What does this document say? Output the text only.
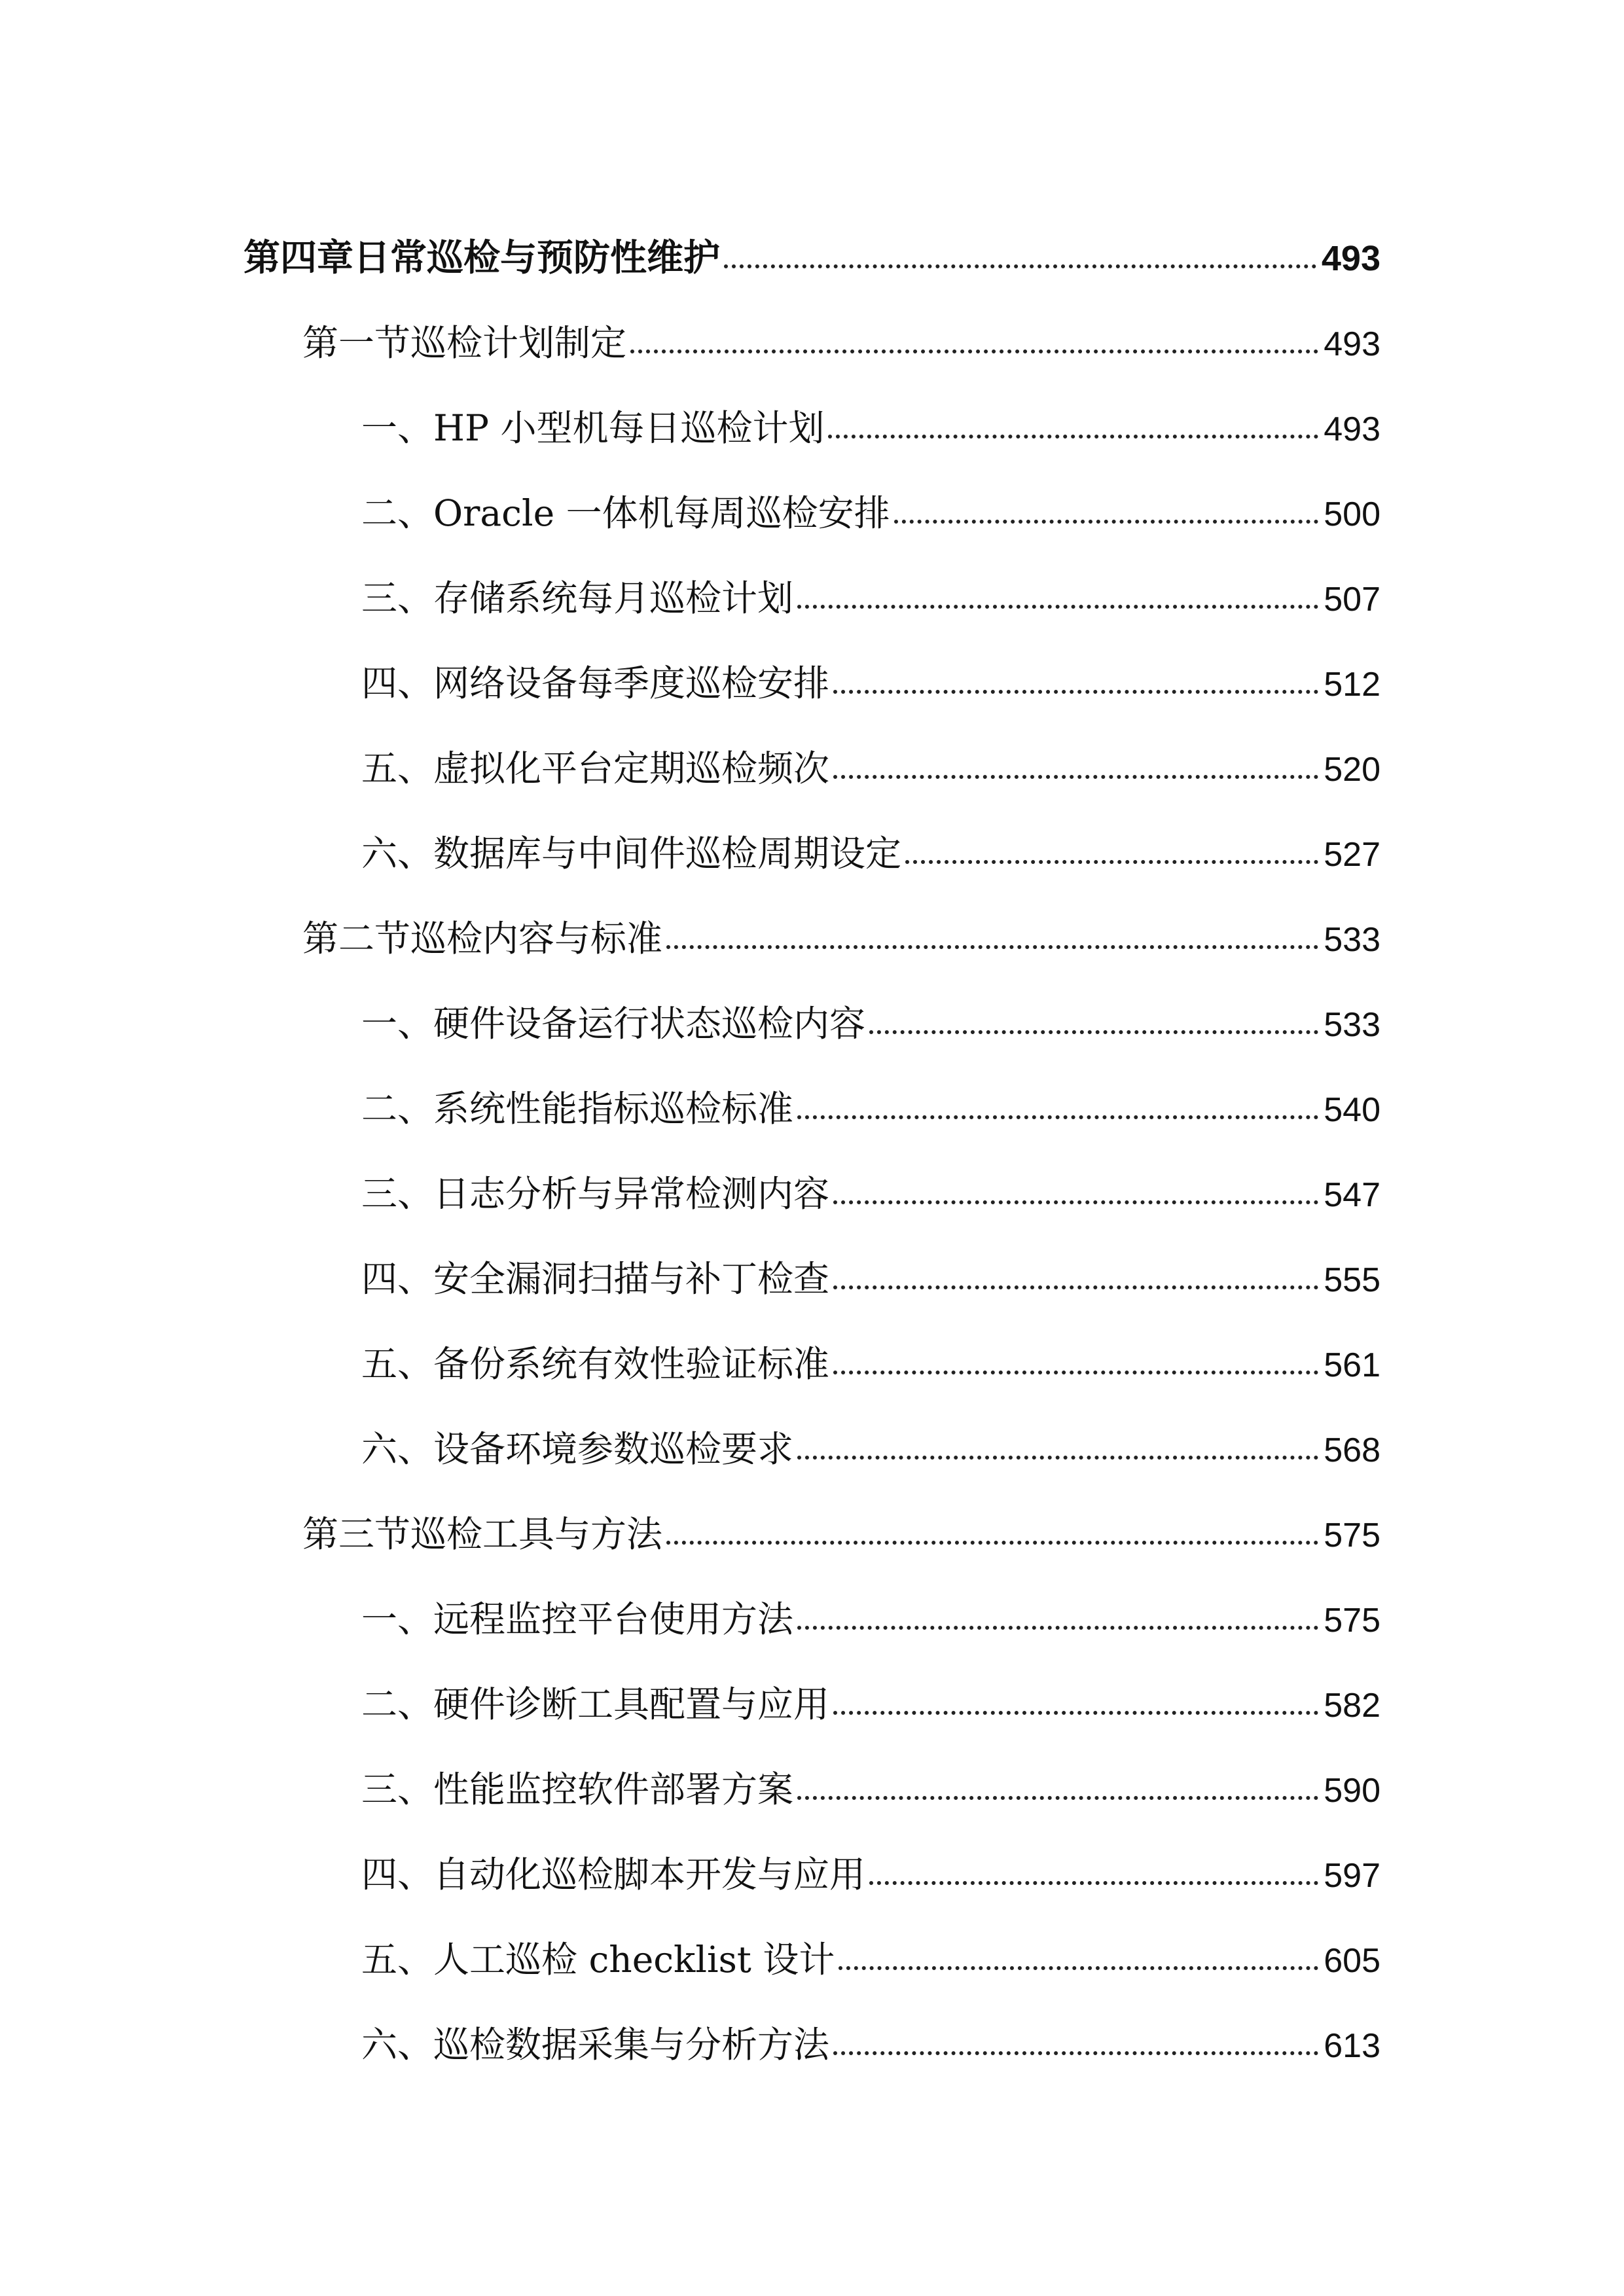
第四章日常巡检与预防性维护	493
第一节巡检计划制定	493
一、HP 小型机每日巡检计划	493
二、Oracle 一体机每周巡检安排	500
三、存储系统每月巡检计划	507
四、网络设备每季度巡检安排	512
五、虚拟化平台定期巡检频次	520
六、数据库与中间件巡检周期设定	527
第二节巡检内容与标准	533
一、硬件设备运行状态巡检内容	533
二、系统性能指标巡检标准	540
三、日志分析与异常检测内容	547
四、安全漏洞扫描与补丁检查	555
五、备份系统有效性验证标准	561
六、设备环境参数巡检要求	568
第三节巡检工具与方法	575
一、远程监控平台使用方法	575
二、硬件诊断工具配置与应用	582
三、性能监控软件部署方案	590
四、自动化巡检脚本开发与应用	597
五、人工巡检 checklist 设计	605
六、巡检数据采集与分析方法	613
